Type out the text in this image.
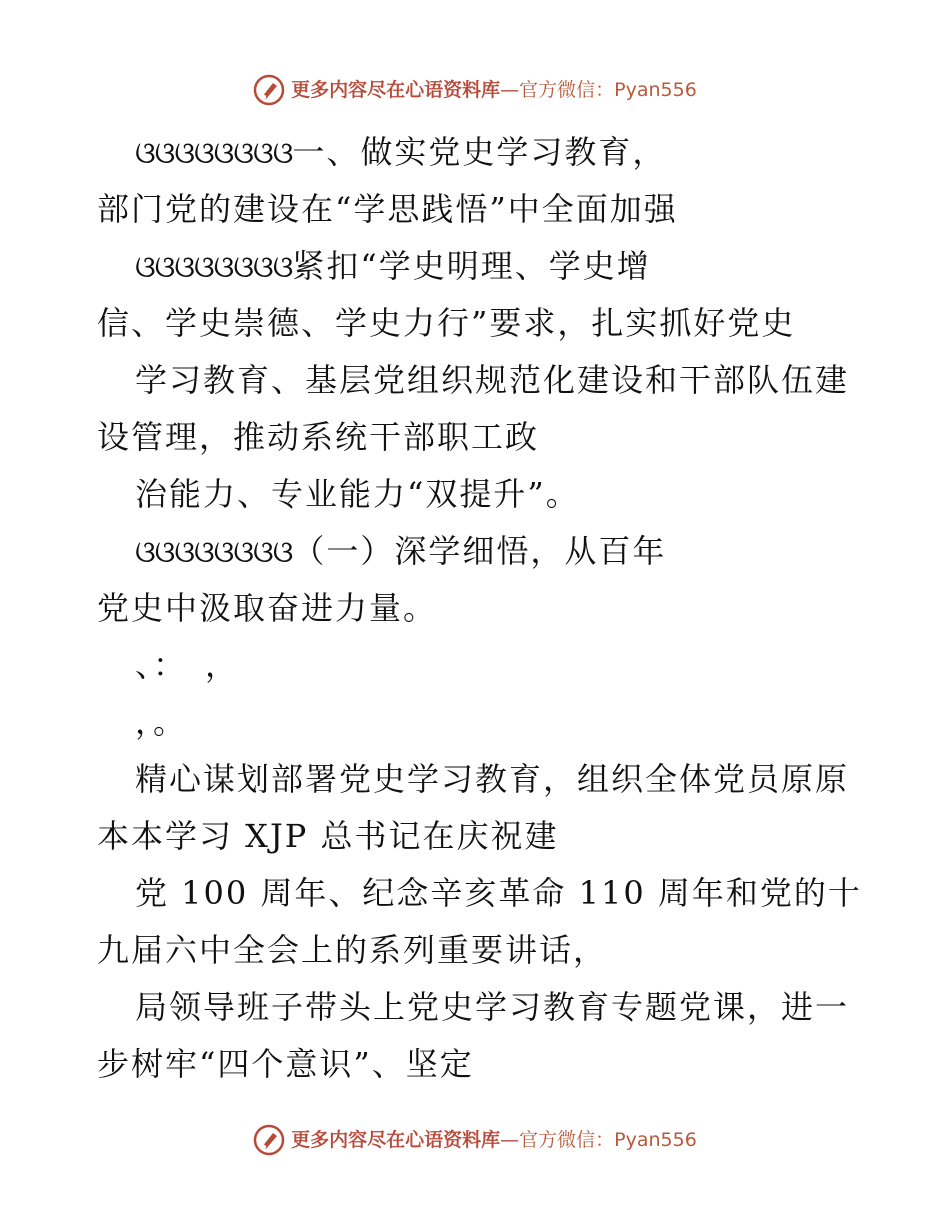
更多内容尽在心语资料库 — 官方微信：Pyan556
ଓଓଓଓଓଓଓଓ一、做实党史学习教育，
部门党的建设在“学思践悟”中全面加强
ଓଓଓଓଓଓଓଓ紧扣“学史明理、学史增
信、学史崇德、学史力行”要求，扎实抓好党史
学习教育、基层党组织规范化建设和干部队伍建
设管理，推动系统干部职工政
治能力、专业能力“双提升”。
ଓଓଓଓଓଓଓଓ（一）深学细悟，从百年
党史中汲取奋进力量。
、：　，
，。
精心谋划部署党史学习教育，组织全体党员原原
本本学习 XJP 总书记在庆祝建
党 100 周年、纪念辛亥革命 110 周年和党的十
九届六中全会上的系列重要讲话，
局领导班子带头上党史学习教育专题党课，进一
步树牢“四个意识”、坚定
更多内容尽在心语资料库 — 官方微信：Pyan556
